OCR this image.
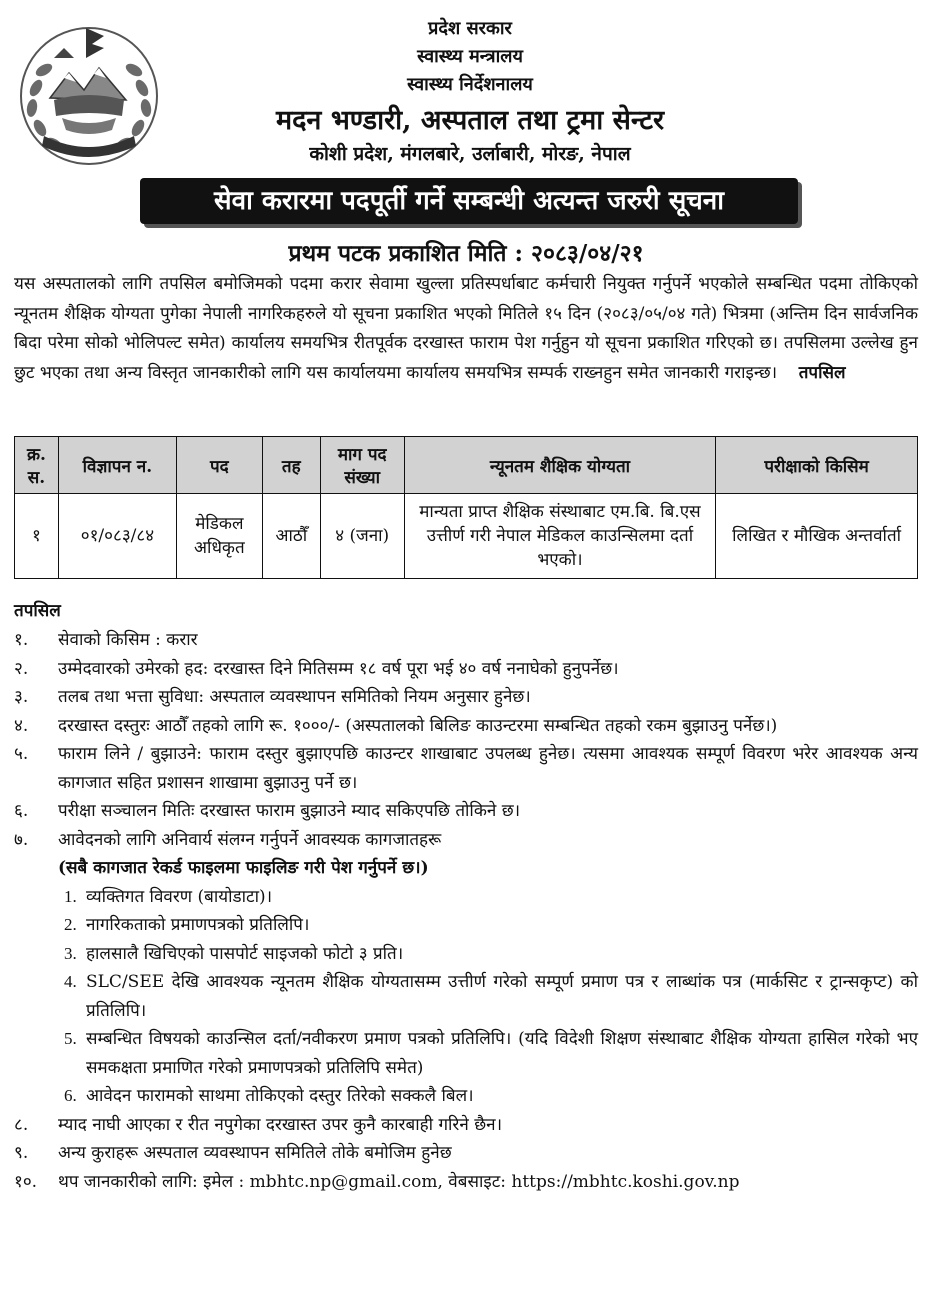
प्रदेश सरकार
स्वास्थ्य मन्त्रालय
स्वास्थ्य निर्देशनालय
मदन भण्डारी, अस्पताल तथा ट्रमा सेन्टर
कोशी प्रदेश, मंगलबारे, उर्लाबारी, मोरङ, नेपाल
सेवा करारमा पदपूर्ती गर्ने सम्बन्धी अत्यन्त जरुरी सूचना
प्रथम पटक प्रकाशित मिति : २०८३/०४/२१
यस अस्पतालको लागि तपसिल बमोजिमको पदमा करार सेवामा खुल्ला प्रतिस्पर्धाबाट कर्मचारी नियुक्त गर्नुपर्ने भएकोले सम्बन्धित पदमा तोकिएको न्यूनतम शैक्षिक योग्यता पुगेका नेपाली नागरिकहरुले यो सूचना प्रकाशित भएको मितिले १५ दिन (२०८३/०५/०४ गते) भित्रमा (अन्तिम दिन सार्वजनिक बिदा परेमा सोको भोलिपल्ट समेत) कार्यालय समयभित्र रीतपूर्वक दरखास्त फाराम पेश गर्नुहुन यो सूचना प्रकाशित गरिएको छ। तपसिलमा उल्लेख हुन छुट भएका तथा अन्य विस्तृत जानकारीको लागि यस कार्यालयमा कार्यालय समयभित्र सम्पर्क राख्नहुन समेत जानकारी गराइन्छ। तपसिल
क्र. स.	विज्ञापन न.	पद	तह	माग पद संख्या	न्यूनतम शैक्षिक योग्यता	परीक्षाको किसिम
१	०१/०८३/८४	मेडिकल अधिकृत	आठौँ	४ (जना)	मान्यता प्राप्त शैक्षिक संस्थाबाट एम.बि. बि.एस उत्तीर्ण गरी नेपाल मेडिकल काउन्सिलमा दर्ता भएको।	लिखित र मौखिक अन्तर्वार्ता
तपसिल
१.	सेवाको किसिम : करार
२.	उम्मेदवारको उमेरको हद: दरखास्त दिने मितिसम्म १८ वर्ष पूरा भई ४० वर्ष ननाघेको हुनुपर्नेछ।
३.	तलब तथा भत्ता सुविधा: अस्पताल व्यवस्थापन समितिको नियम अनुसार हुनेछ।
४.	दरखास्त दस्तुरः आठौँ तहको लागि रू. १०००/- (अस्पतालको बिलिङ काउन्टरमा सम्बन्धित तहको रकम बुझाउनु पर्नेछ।)
५.	फाराम लिने / बुझाउने: फाराम दस्तुर बुझाएपछि काउन्टर शाखाबाट उपलब्ध हुनेछ। त्यसमा आवश्यक सम्पूर्ण विवरण भरेर आवश्यक अन्य कागजात सहित प्रशासन शाखामा बुझाउनु पर्ने छ।
६.	परीक्षा सञ्चालन मितिः दरखास्त फाराम बुझाउने म्याद सकिएपछि तोकिने छ।
७.	आवेदनको लागि अनिवार्य संलग्न गर्नुपर्ने आवस्यक कागजातहरू
(सबै कागजात रेकर्ड फाइलमा फाइलिङ गरी पेश गर्नुपर्ने छ।)
1. व्यक्तिगत विवरण (बायोडाटा)।
2. नागरिकताको प्रमाणपत्रको प्रतिलिपि।
3. हालसालै खिचिएको पासपोर्ट साइजको फोटो ३ प्रति।
4. SLC/SEE देखि आवश्यक न्यूनतम शैक्षिक योग्यतासम्म उत्तीर्ण गरेको सम्पूर्ण प्रमाण पत्र र लाब्धांक पत्र (मार्कसिट र ट्रान्सकृप्ट) को प्रतिलिपि।
5. सम्बन्धित विषयको काउन्सिल दर्ता/नवीकरण प्रमाण पत्रको प्रतिलिपि। (यदि विदेशी शिक्षण संस्थाबाट शैक्षिक योग्यता हासिल गरेको भए समकक्षता प्रमाणित गरेको प्रमाणपत्रको प्रतिलिपि समेत)
6. आवेदन फारामको साथमा तोकिएको दस्तुर तिरेको सक्कलै बिल।
८.	म्याद नाघी आएका र रीत नपुगेका दरखास्त उपर कुनै कारबाही गरिने छैन।
९.	अन्य कुराहरू अस्पताल व्यवस्थापन समितिले तोके बमोजिम हुनेछ
१०.	थप जानकारीको लागि: इमेल : mbhtc.np@gmail.com, वेबसाइट: https://mbhtc.koshi.gov.np
